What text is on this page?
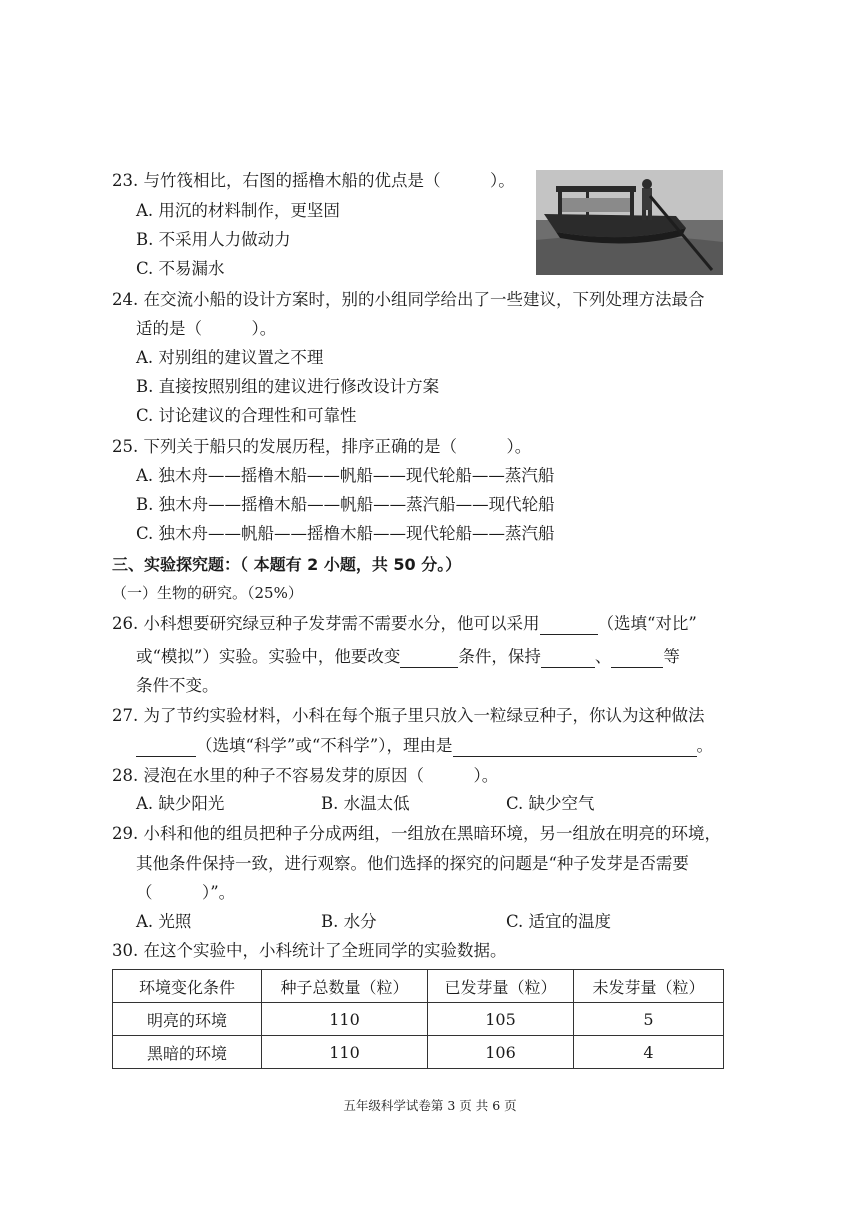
23. 与竹筏相比，右图的摇橹木船的优点是（　　　）。
A. 用沉的材料制作，更坚固
B. 不采用人力做动力
C. 不易漏水
24. 在交流小船的设计方案时，别的小组同学给出了一些建议，下列处理方法最合
适的是（　　　）。
A. 对别组的建议置之不理
B. 直接按照别组的建议进行修改设计方案
C. 讨论建议的合理性和可靠性
25. 下列关于船只的发展历程，排序正确的是（　　　）。
A. 独木舟——摇橹木船——帆船——现代轮船——蒸汽船
B. 独木舟——摇橹木船——帆船——蒸汽船——现代轮船
C. 独木舟——帆船——摇橹木船——现代轮船——蒸汽船
三、实验探究题：（ 本题有 2 小题，共 50 分。）
（一）生物的研究。（25%）
26. 小科想要研究绿豆种子发芽需不需要水分，他可以采用	（选填“对比”
或“模拟”）实验。实验中，他要改变	条件，保持	、	等
条件不变。
27. 为了节约实验材料，小科在每个瓶子里只放入一粒绿豆种子，你认为这种做法
（选填“科学”或“不科学”），理由是	。
28. 浸泡在水里的种子不容易发芽的原因（　　　）。
A. 缺少阳光	B. 水温太低	C. 缺少空气
29. 小科和他的组员把种子分成两组，一组放在黑暗环境，另一组放在明亮的环境，
其他条件保持一致，进行观察。他们选择的探究的问题是“种子发芽是否需要
（　　　）”。
A. 光照	B. 水分	C. 适宜的温度
30. 在这个实验中，小科统计了全班同学的实验数据。
环境变化条件	种子总数量（粒）	已发芽量（粒）	未发芽量（粒）
明亮的环境	110	105	5
黑暗的环境	110	106	4
五年级科学试卷第 3 页 共 6 页
